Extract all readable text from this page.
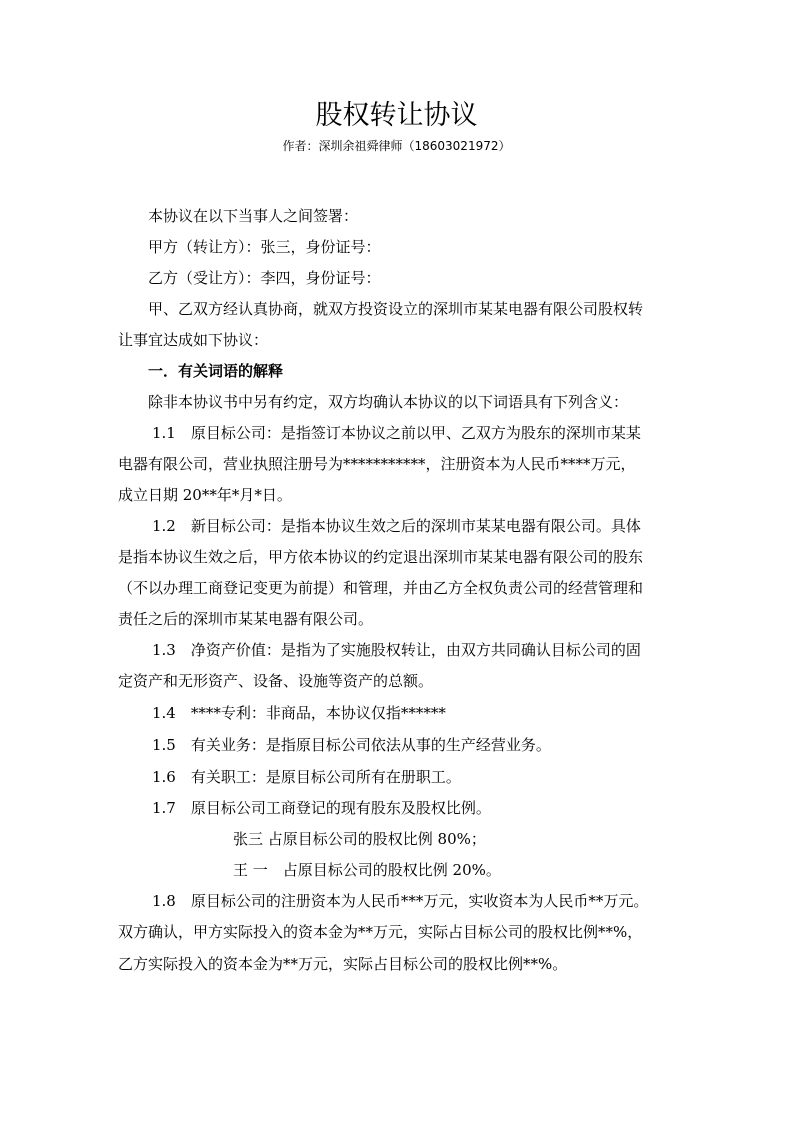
股权转让协议
作者：深圳余祖舜律师（18603021972）
本协议在以下当事人之间签署：
甲方（转让方）：张三，身份证号：
乙方（受让方）：李四，身份证号：
甲、乙双方经认真协商，就双方投资设立的深圳市某某电器有限公司股权转
让事宜达成如下协议：
一．有关词语的解释
除非本协议书中另有约定，双方均确认本协议的以下词语具有下列含义：
1.1　原目标公司：是指签订本协议之前以甲、乙双方为股东的深圳市某某
电器有限公司，营业执照注册号为***********，注册资本为人民币****万元，
成立日期 20**年*月*日。
1.2　新目标公司：是指本协议生效之后的深圳市某某电器有限公司。具体
是指本协议生效之后，甲方依本协议的约定退出深圳市某某电器有限公司的股东
（不以办理工商登记变更为前提）和管理，并由乙方全权负责公司的经营管理和
责任之后的深圳市某某电器有限公司。
1.3　净资产价值：是指为了实施股权转让，由双方共同确认目标公司的固
定资产和无形资产、设备、设施等资产的总额。
1.4　****专利：非商品，本协议仅指******
1.5　有关业务：是指原目标公司依法从事的生产经营业务。
1.6　有关职工：是原目标公司所有在册职工。
1.7　原目标公司工商登记的现有股东及股权比例。
张三 占原目标公司的股权比例 80%；
王 一　占原目标公司的股权比例 20%。
1.8　原目标公司的注册资本为人民币***万元，实收资本为人民币**万元。
双方确认，甲方实际投入的资本金为**万元，实际占目标公司的股权比例**%，
乙方实际投入的资本金为**万元，实际占目标公司的股权比例**%。
